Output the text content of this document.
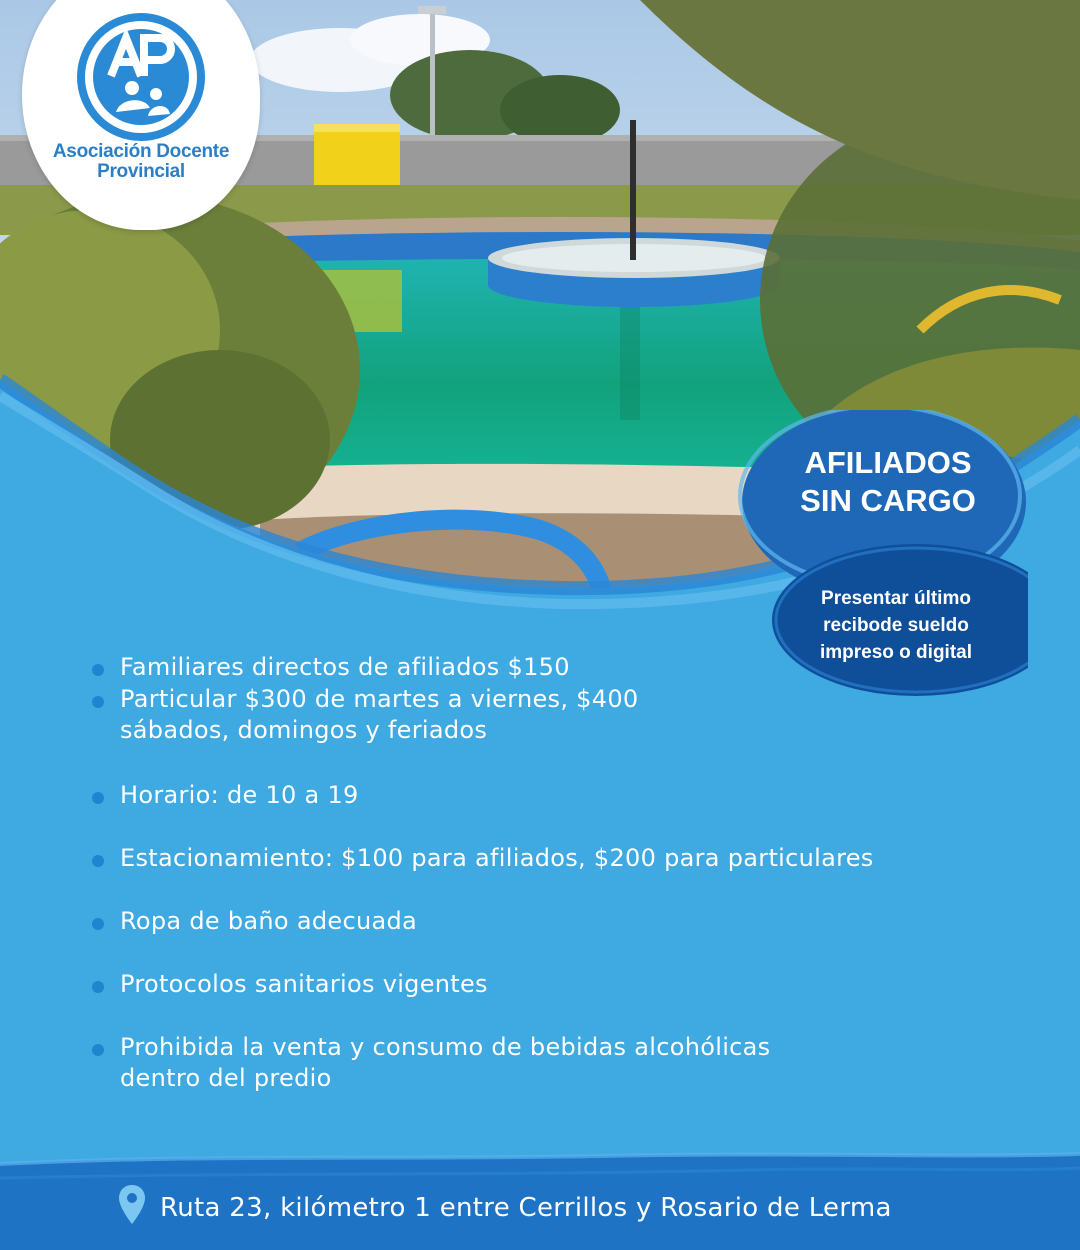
Asociación Docente
Provincial
AFILIADOS
SIN CARGO
Presentar último
recibode sueldo
impreso o digital
Familiares directos de afiliados $150
Particular $300 de martes a viernes, $400
sábados, domingos y feriados
Horario: de 10 a 19
Estacionamiento: $100 para afiliados, $200 para particulares
Ropa de baño adecuada
Protocolos sanitarios vigentes
Prohibida la venta y consumo de bebidas alcohólicas
dentro del predio
Ruta 23, kilómetro 1 entre Cerrillos y Rosario de Lerma
